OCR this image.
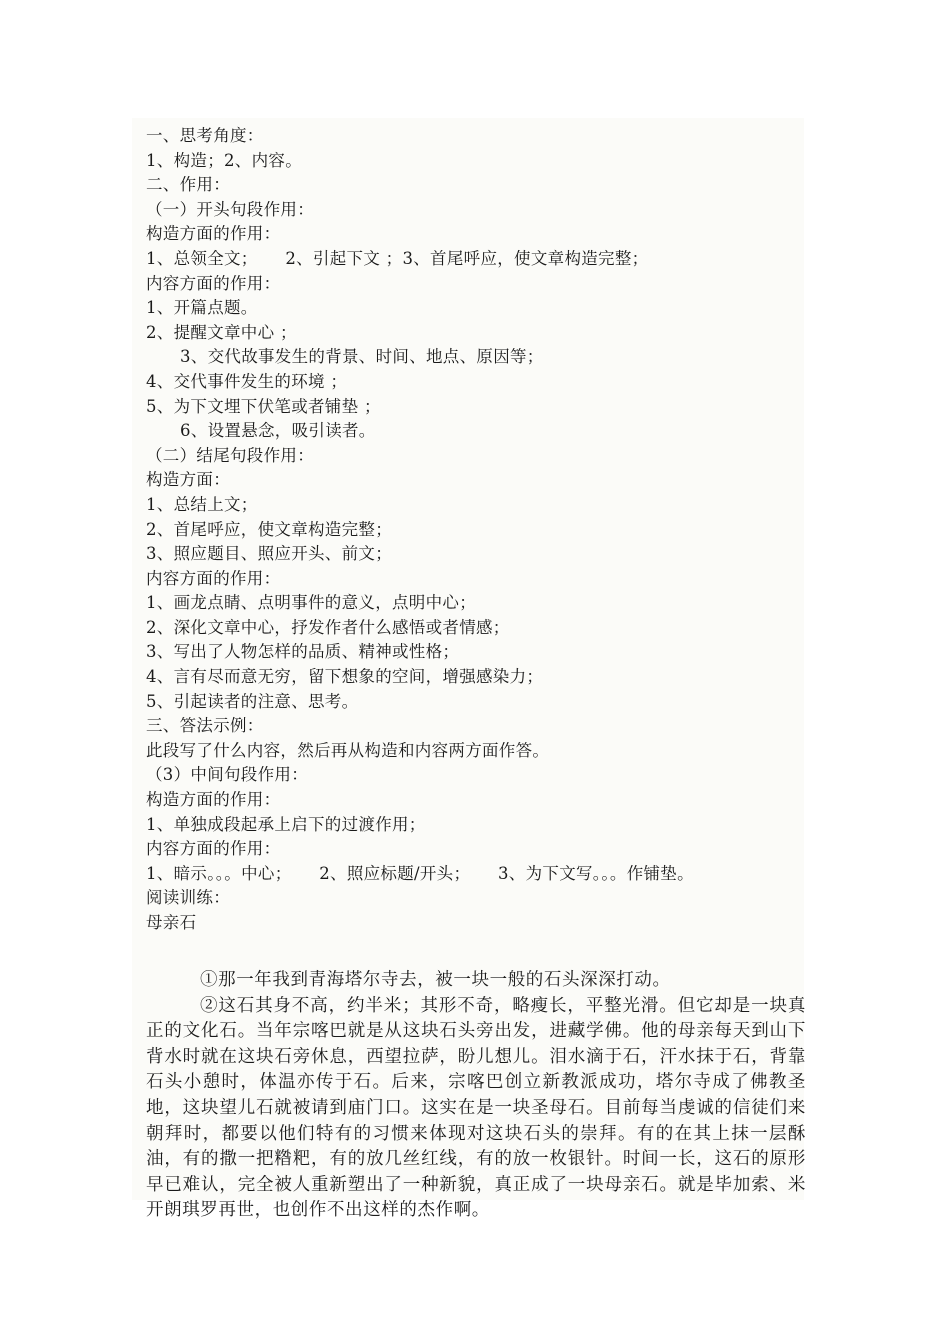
一、思考角度：
1、构造；2、内容。
二、作用：
（一）开头句段作用：
构造方面的作用：
1、总领全文；     2、引起下文 ；3、首尾呼应，使文章构造完整；
内容方面的作用：
1、开篇点题。
2、提醒文章中心 ；
3、交代故事发生的背景、时间、地点、原因等；
4、交代事件发生的环境 ；
5、为下文埋下伏笔或者铺垫 ；
6、设置悬念，吸引读者。
（二）结尾句段作用：
构造方面：
1、总结上文；
2、首尾呼应，使文章构造完整；
3、照应题目、照应开头、前文；
内容方面的作用：
1、画龙点睛、点明事件的意义，点明中心；
2、深化文章中心，抒发作者什么感悟或者情感；
3、写出了人物怎样的品质、精神或性格；
4、言有尽而意无穷，留下想象的空间，增强感染力；
5、引起读者的注意、思考。
三、答法示例：
此段写了什么内容，然后再从构造和内容两方面作答。
（3）中间句段作用：
构造方面的作用：
1、单独成段起承上启下的过渡作用；
内容方面的作用：
1、暗示。。。中心；     2、照应标题/开头；     3、为下文写。。。作铺垫。
阅读训练：
母亲石
①那一年我到青海塔尔寺去，被一块一般的石头深深打动。
②这石其身不高，约半米；其形不奇，略瘦长，平整光滑。但它却是一块真正的文化石。当年宗喀巴就是从这块石头旁出发，进藏学佛。他的母亲每天到山下背水时就在这块石旁休息，西望拉萨，盼儿想儿。泪水滴于石，汗水抹于石，背靠石头小憩时，体温亦传于石。后来，宗喀巴创立新教派成功，塔尔寺成了佛教圣地，这块望儿石就被请到庙门口。这实在是一块圣母石。目前每当虔诚的信徒们来朝拜时，都要以他们特有的习惯来体现对这块石头的崇拜。有的在其上抹一层酥油，有的撒一把糌粑，有的放几丝红线，有的放一枚银针。时间一长，这石的原形早已难认，完全被人重新塑出了一种新貌，真正成了一块母亲石。就是毕加索、米开朗琪罗再世，也创作不出这样的杰作啊。
